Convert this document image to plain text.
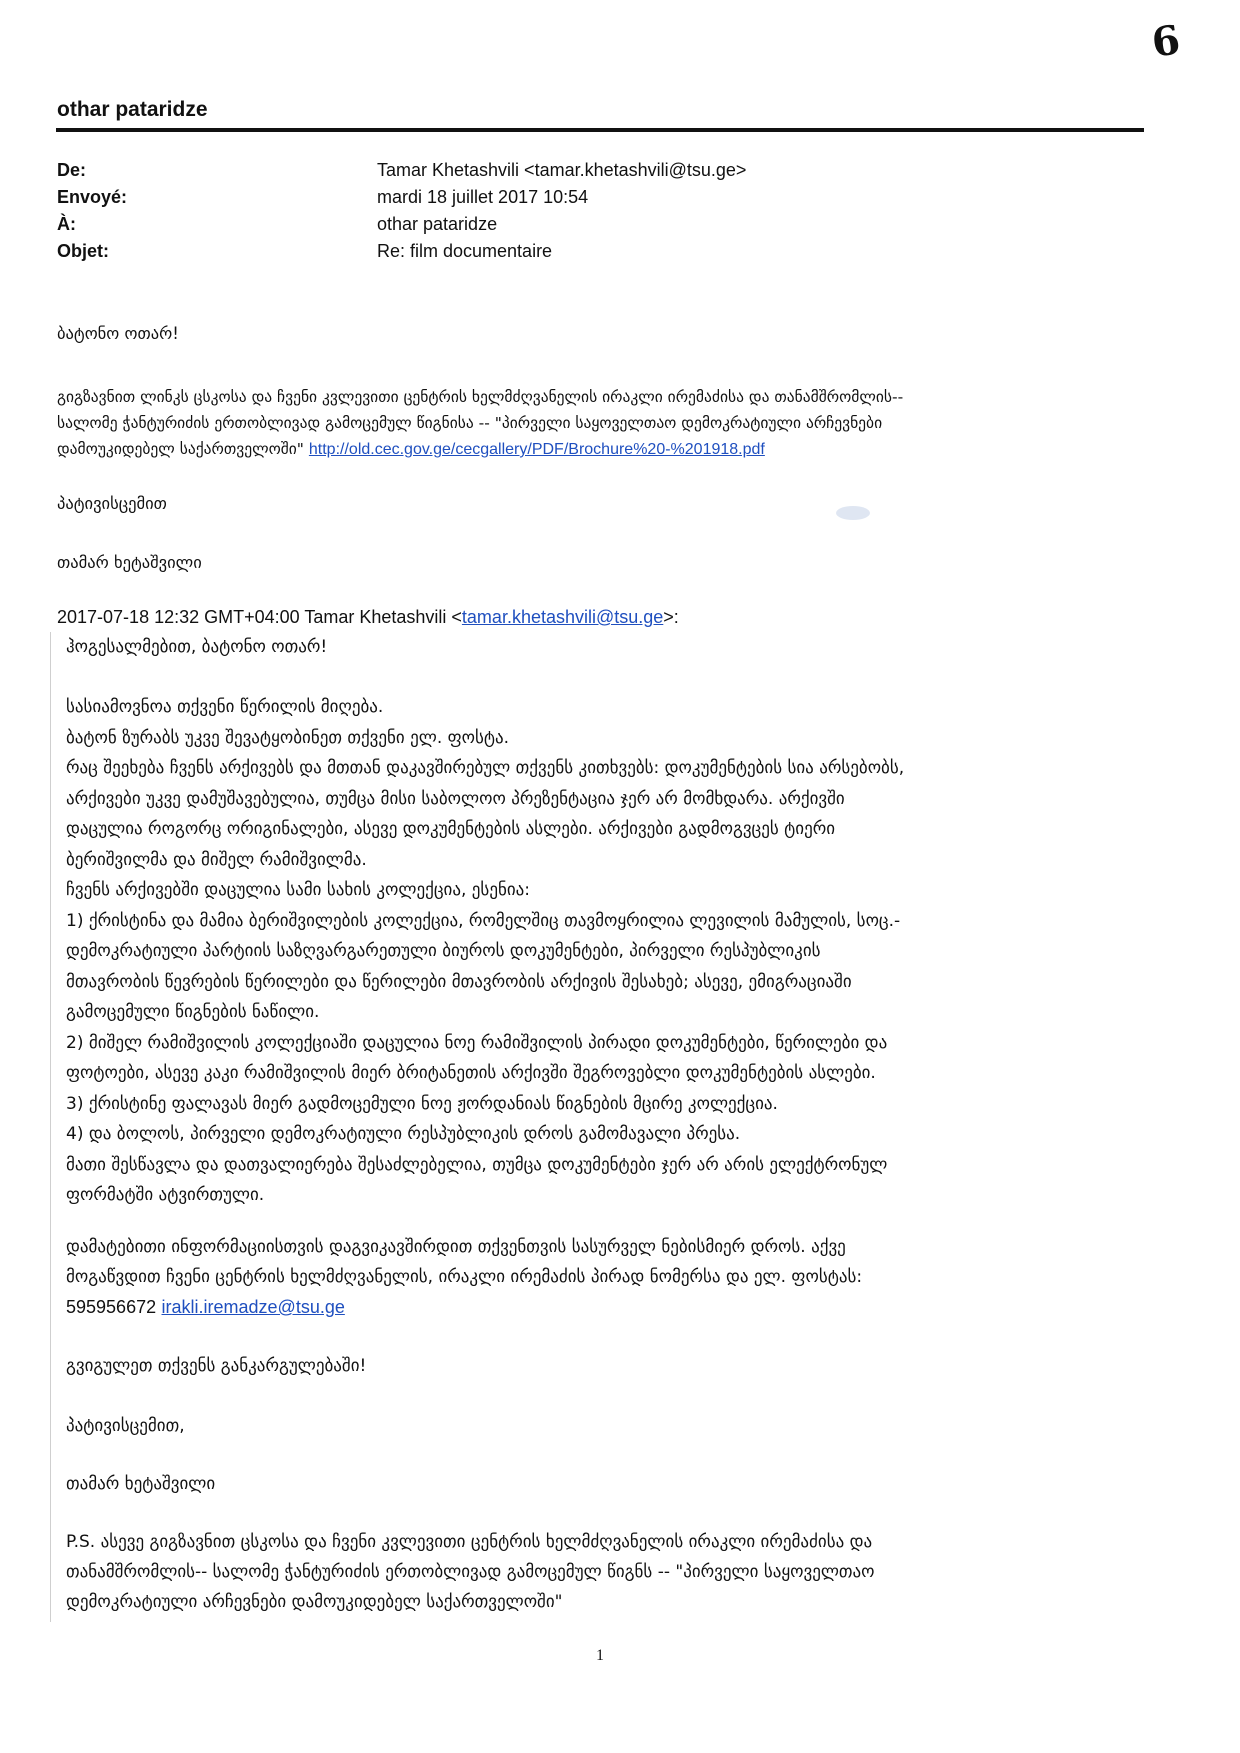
6
othar pataridze
De:	Tamar Khetashvili <tamar.khetashvili@tsu.ge>
Envoyé:	mardi 18 juillet 2017 10:54
À:	othar pataridze
Objet:	Re: film documentaire
ბატონო ოთარ!
გიგზავნით ლინკს ცსკოსა და ჩვენი კვლევითი ცენტრის ხელმძღვანელის ირაკლი ირემაძისა და თანამშრომლის--
სალომე ჭანტურიძის ერთობლივად გამოცემულ წიგნისა -- "პირველი საყოველთაო დემოკრატიული არჩევნები
დამოუკიდებელ საქართველოში" http://old.cec.gov.ge/cecgallery/PDF/Brochure%20-%201918.pdf
პატივისცემით
თამარ ხეტაშვილი
2017-07-18 12:32 GMT+04:00 Tamar Khetashvili <tamar.khetashvili@tsu.ge>:
ჰოგესალმებით, ბატონო ოთარ!
სასიამოვნოა თქვენი წერილის მიღება.
ბატონ ზურაბს უკვე შევატყობინეთ თქვენი ელ. ფოსტა.
რაც შეეხება ჩვენს არქივებს და მთთან დაკავშირებულ თქვენს კითხვებს: დოკუმენტების სია არსებობს,
არქივები უკვე დამუშავებულია, თუმცა მისი საბოლოო პრეზენტაცია ჯერ არ მომხდარა. არქივში
დაცულია როგორც ორიგინალები, ასევე დოკუმენტების ასლები. არქივები გადმოგვცეს ტიერი
ბერიშვილმა და მიშელ რამიშვილმა.
ჩვენს არქივებში დაცულია სამი სახის კოლექცია, ესენია:
1) ქრისტინა და მამია ბერიშვილების კოლექცია, რომელშიც თავმოყრილია ლევილის მამულის, სოც.-
დემოკრატიული პარტიის საზღვარგარეთული ბიუროს დოკუმენტები, პირველი რესპუბლიკის
მთავრობის წევრების წერილები და წერილები მთავრობის არქივის შესახებ; ასევე, ემიგრაციაში
გამოცემული წიგნების ნაწილი.
2) მიშელ რამიშვილის კოლექციაში დაცულია ნოე რამიშვილის პირადი დოკუმენტები, წერილები და
ფოტოები, ასევე კაკი რამიშვილის მიერ ბრიტანეთის არქივში შეგროვებლი დოკუმენტების ასლები.
3) ქრისტინე ფალავას მიერ გადმოცემული ნოე ჟორდანიას წიგნების მცირე კოლექცია.
4) და ბოლოს, პირველი დემოკრატიული რესპუბლიკის დროს გამომავალი პრესა.
მათი შესწავლა და დათვალიერება შესაძლებელია, თუმცა დოკუმენტები ჯერ არ არის ელექტრონულ
ფორმატში ატვირთული.
დამატებითი ინფორმაციისთვის დაგვიკავშირდით თქვენთვის სასურველ ნებისმიერ დროს. აქვე
მოგაწვდით ჩვენი ცენტრის ხელმძღვანელის, ირაკლი ირემაძის პირად ნომერსა და ელ. ფოსტას:
595956672 irakli.iremadze@tsu.ge
გვიგულეთ თქვენს განკარგულებაში!
პატივისცემით,
თამარ ხეტაშვილი
P.S. ასევე გიგზავნით ცსკოსა და ჩვენი კვლევითი ცენტრის ხელმძღვანელის ირაკლი ირემაძისა და
თანამშრომლის-- სალომე ჭანტურიძის ერთობლივად გამოცემულ წიგნს -- "პირველი საყოველთაო
დემოკრატიული არჩევნები დამოუკიდებელ საქართველოში"
1
